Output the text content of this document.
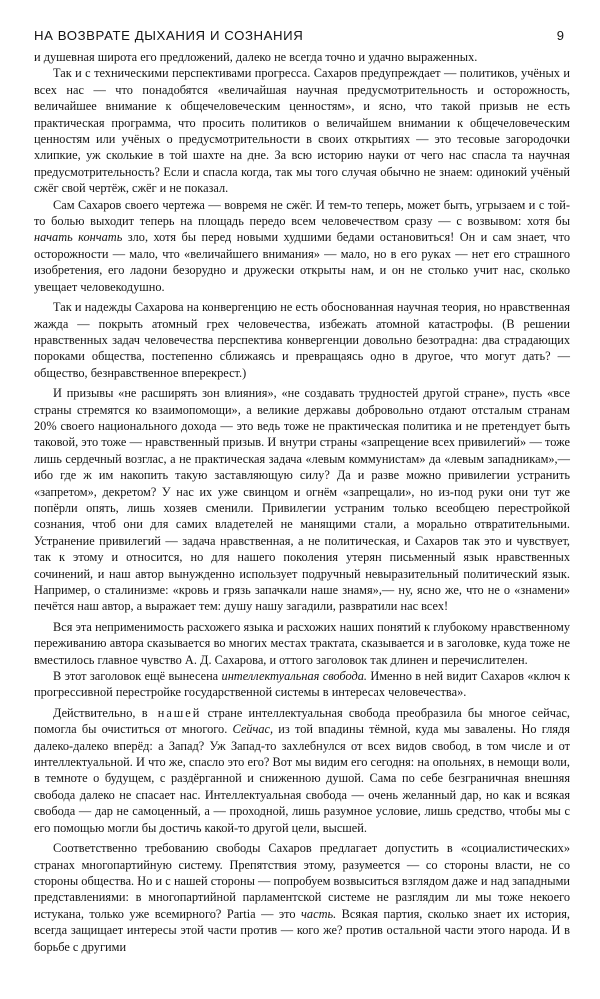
НА ВОЗВРАТЕ ДЫХАНИЯ И СОЗНАНИЯ	9

и душевная широта его предложений, далеко не всегда точно и удачно выраженных.

Так и с техническими перспективами прогресса. Сахаров предупреждает — политиков, учёных и всех нас — что понадобятся «величайшая научная предусмотрительность и осторожность, величайшее внимание к общечеловеческим ценностям», и ясно, что такой призыв не есть практическая программа, что просить политиков о величайшем внимании к общечеловеческим ценностям или учёных о предусмотрительности в своих открытиях — это тесовые загородочки хлипкие, уж сколькие в той шахте на дне. За всю историю науки от чего нас спасла та научная предусмотрительность? Если и спасла когда, так мы того случая обычно не знаем: одинокий учёный сжёг свой чертёж, сжёг и не показал.

Сам Сахаров своего чертежа — вовремя не сжёг. И тем-то теперь, может быть, угрызаем и с той-то болью выходит теперь на площадь передо всем человечеством сразу — с возвывом: хотя бы начать кончать зло, хотя бы перед новыми худшими бедами остановиться! Он и сам знает, что осторожности — мало, что «величайшего внимания» — мало, но в его руках — нет его страшного изобретения, его ладони безорудно и дружески открыты нам, и он не столько учит нас, сколько увещает человекодушно.

Так и надежды Сахарова на конвергенцию не есть обоснованная научная теория, но нравственная жажда — покрыть атомный грех человечества, избежать атомной катастрофы. (В решении нравственных задач человечества перспектива конвергенции довольно безотрадна: два страдающих пороками общества, постепенно сближаясь и превращаясь одно в другое, что могут дать? — общество, безнравственное вперекрест.)

И призывы «не расширять зон влияния», «не создавать трудностей другой стране», пусть «все страны стремятся ко взаимопомощи», а великие державы добровольно отдают отсталым странам 20% своего национального дохода — это ведь тоже не практическая политика и не претендует быть таковой, это тоже — нравственный призыв. И внутри страны «запрещение всех привилегий» — тоже лишь сердечный возглас, а не практическая задача «левым коммунистам» да «левым западникам»,— ибо где ж им накопить такую заставляющую силу? Да и разве можно привилегии устранить «запретом», декретом? У нас их уже свинцом и огнём «запрещали», но из-под руки они тут же попёрли опять, лишь хозяев сменили. Привилегии устраним только всеобщею перестройкой сознания, чтоб они для самих владетелей не манящими стали, а морально отвратительными. Устранение привилегий — задача нравственная, а не политическая, и Сахаров так это и чувствует, так к этому и относится, но для нашего поколения утерян письменный язык нравственных сочинений, и наш автор вынужденно использует подручный невыразительный политический язык. Например, о сталинизме: «кровь и грязь запачкали наше знамя»,— ну, ясно же, что не о «знамени» печётся наш автор, а выражает тем: душу нашу загадили, развратили нас всех!

Вся эта неприменимость расхожего языка и расхожих наших понятий к глубокому нравственному переживанию автора сказывается во многих местах трактата, сказывается и в заголовке, куда тоже не вместилось главное чувство А. Д. Сахарова, и оттого заголовок так длинен и перечислителен.

В этот заголовок ещё вынесена интеллектуальная свобода. Именно в ней видит Сахаров «ключ к прогрессивной перестройке государственной системы в интересах человечества».

Действительно, в нашей стране интеллектуальная свобода преобразила бы многое сейчас, помогла бы очиститься от многого. Сейчас, из той впадины тёмной, куда мы завалены. Но глядя далеко-далеко вперёд: а Запад? Уж Запад-то захлебнулся от всех видов свобод, в том числе и от интеллектуальной. И что же, спасло это его? Вот мы видим его сегодня: на опольнях, в немощи воли, в темноте о будущем, с раздёрганной и сниженною душой. Сама по себе безграничная внешняя свобода далеко не спасает нас. Интеллектуальная свобода — очень желанный дар, но как и всякая свобода — дар не самоценный, а — проходной, лишь разумное условие, лишь средство, чтобы мы с его помощью могли бы достичь какой-то другой цели, высшей.

Соответственно требованию свободы Сахаров предлагает допустить в «социалистических» странах многопартийную систему. Препятствия этому, разумеется — со стороны власти, не со стороны общества. Но и с нашей стороны — попробуем возвыситься взглядом даже и над западными представлениями: в многопартийной парламентской системе не разглядим ли мы тоже некоего истукана, только уже всемирного? Partia — это часть. Всякая партия, сколько знает их история, всегда защищает интересы этой части против — кого же? против остальной части этого народа. И в борьбе с другими
